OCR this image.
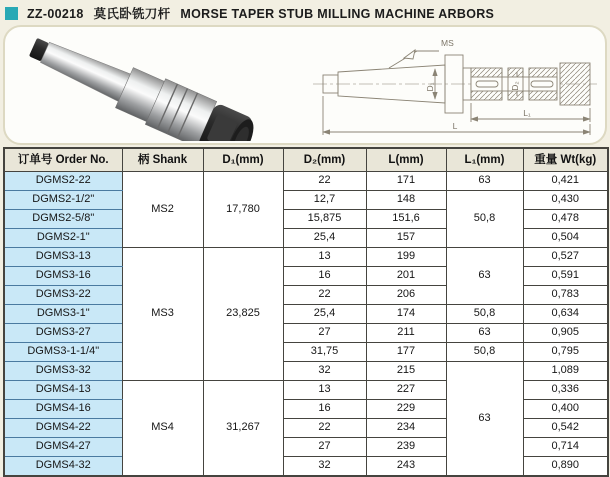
ZZ-00218 莫氏卧铣刀杆 MORSE TAPER STUB MILLING MACHINE ARBORS
MS
D₁	D₂
L₁
L
订单号 Order No.	柄 Shank	D₁(mm)	D₂(mm)	L(mm)	L₁(mm)	重量 Wt(kg)
DGMS2-22	MS2	17,780	22	171	63	0,421
DGMS2-1/2"			12,7	148	50,8	0,430
DGMS2-5/8"			15,875	151,6		0,478
DGMS2-1"			25,4	157		0,504
DGMS3-13	MS3	23,825	13	199	63	0,527
DGMS3-16			16	201		0,591
DGMS3-22			22	206		0,783
DGMS3-1"			25,4	174	50,8	0,634
DGMS3-27			27	211	63	0,905
DGMS3-1-1/4"			31,75	177	50,8	0,795
DGMS3-32			32	215	63	1,089
DGMS4-13	MS4	31,267	13	227		0,336
DGMS4-16			16	229		0,400
DGMS4-22			22	234		0,542
DGMS4-27			27	239		0,714
DGMS4-32			32	243		0,890
